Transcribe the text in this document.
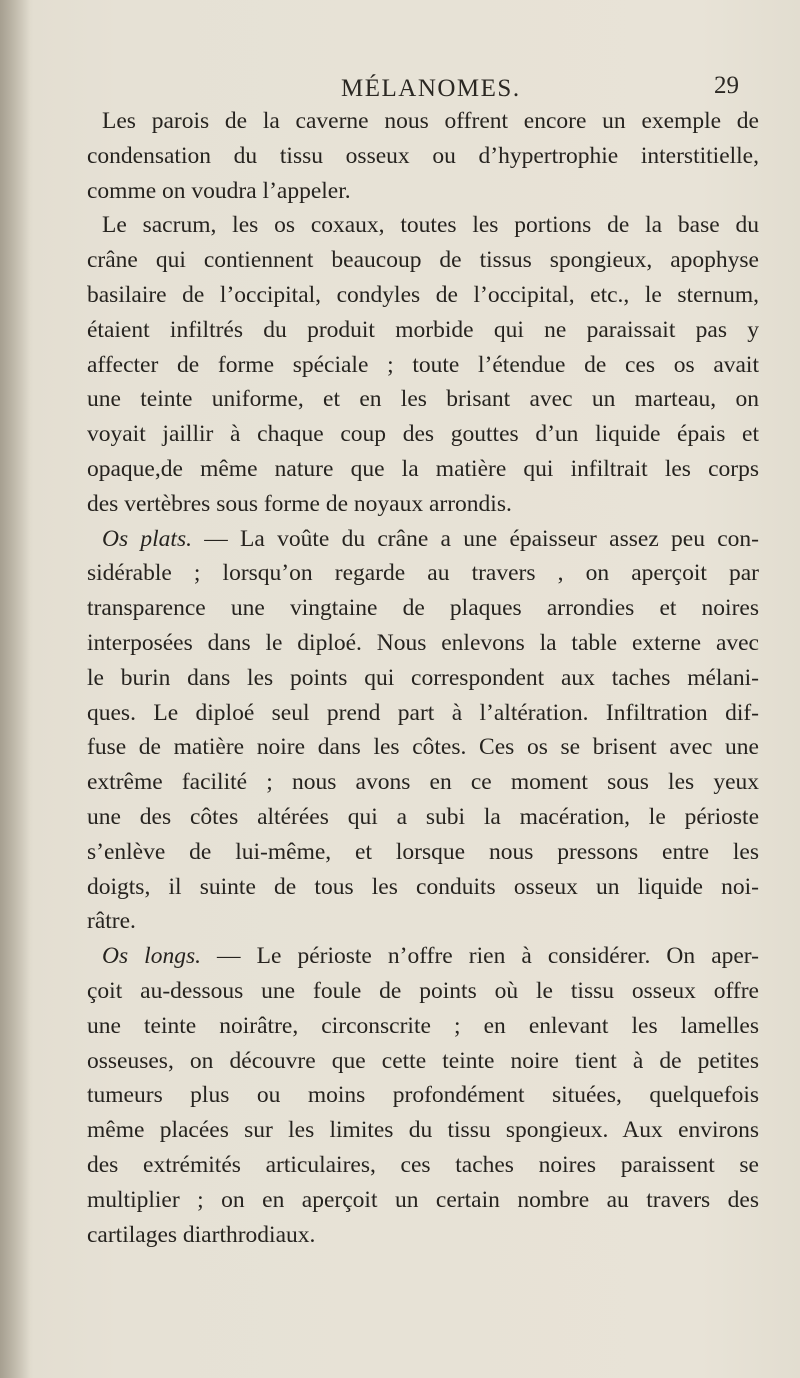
MÉLANOMES.	29
Les parois de la caverne nous offrent encore un exemple de
condensation du tissu osseux ou d’hypertrophie interstitielle,
comme on voudra l’appeler.
Le sacrum, les os coxaux, toutes les portions de la base du
crâne qui contiennent beaucoup de tissus spongieux, apophyse
basilaire de l’occipital, condyles de l’occipital, etc., le sternum,
étaient infiltrés du produit morbide qui ne paraissait pas y
affecter de forme spéciale ; toute l’étendue de ces os avait
une teinte uniforme, et en les brisant avec un marteau, on
voyait jaillir à chaque coup des gouttes d’un liquide épais et
opaque,de même nature que la matière qui infiltrait les corps
des vertèbres sous forme de noyaux arrondis.
Os plats. — La voûte du crâne a une épaisseur assez peu con-
sidérable ; lorsqu’on regarde au travers , on aperçoit par
transparence une vingtaine de plaques arrondies et noires
interposées dans le diploé. Nous enlevons la table externe avec
le burin dans les points qui correspondent aux taches mélani-
ques. Le diploé seul prend part à l’altération. Infiltration dif-
fuse de matière noire dans les côtes. Ces os se brisent avec une
extrême facilité ; nous avons en ce moment sous les yeux
une des côtes altérées qui a subi la macération, le périoste
s’enlève de lui-même, et lorsque nous pressons entre les
doigts, il suinte de tous les conduits osseux un liquide noi-
râtre.
Os longs. — Le périoste n’offre rien à considérer. On aper-
çoit au-dessous une foule de points où le tissu osseux offre
une teinte noirâtre, circonscrite ; en enlevant les lamelles
osseuses, on découvre que cette teinte noire tient à de petites
tumeurs plus ou moins profondément situées, quelquefois
même placées sur les limites du tissu spongieux. Aux environs
des extrémités articulaires, ces taches noires paraissent se
multiplier ; on en aperçoit un certain nombre au travers des
cartilages diarthrodiaux.
